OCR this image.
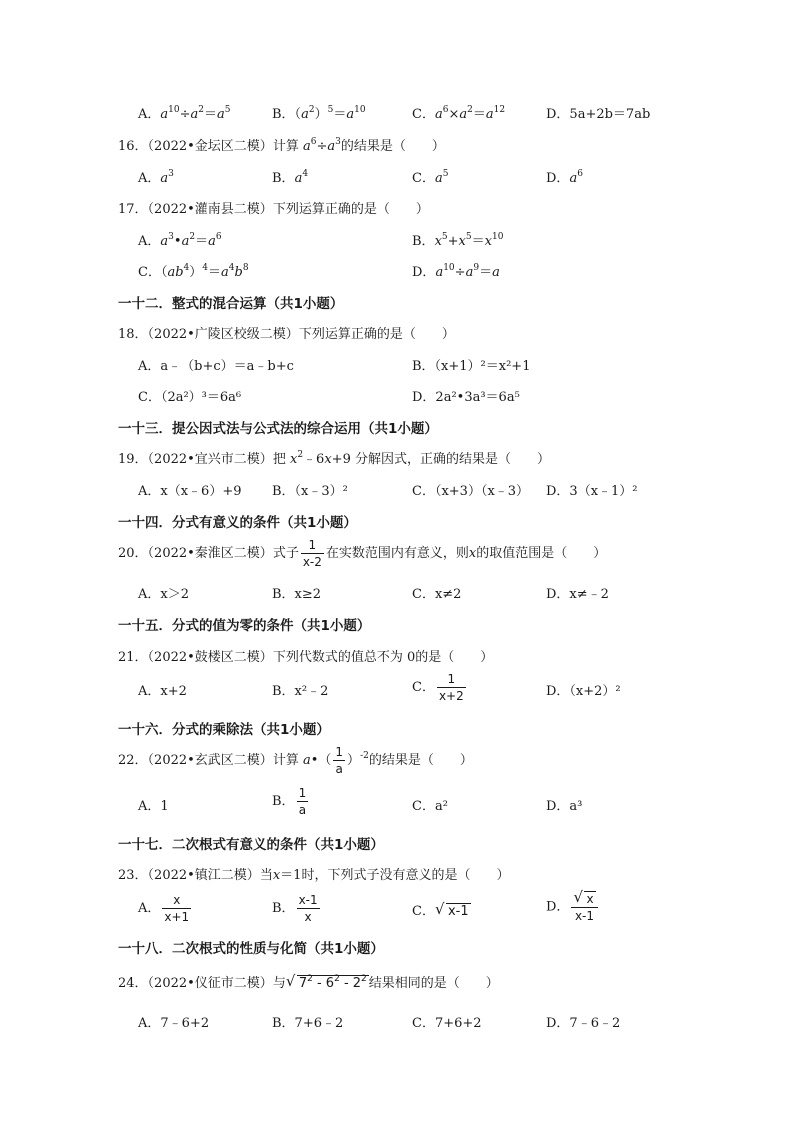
A．$a^{10}\div a^2=a^5$	B．$(a^2)^5=a^{10}$	C．$a^6\times a^2=a^{12}$	D．5a+2b＝7ab
16．（2022•金坛区二模）计算 $a^6\div a^3$的结果是（　　）
A．$a^3$	B．$a^4$	C．$a^5$	D．$a^6$
17．（2022•灌南县二模）下列运算正确的是（　　）
A．$a^3•a^2=a^6$	B．$x^5+x^5=x^{10}$
C．$(ab^4)^4=a^4b^8$	D．$a^{10}\div a^9=a$
一十二．整式的混合运算（共1小题）
18．（2022•广陵区校级二模）下列运算正确的是（　　）
A．a﹣（b+c）＝a﹣b+c	B．（x+1）²＝x²+1
C．（2a²）³＝6a⁶	D．2a²•3a³＝6a⁵
一十三．提公因式法与公式法的综合运用（共1小题）
19．（2022•宜兴市二模）把 $x^2﹣6x+9$ 分解因式，正确的结果是（　　）
A．x（x﹣6）+9 B．（x﹣3）²	C．（x+3）（x﹣3） D．3（x﹣1）²
一十四．分式有意义的条件（共1小题）
20．（2022•秦淮区二模）式子 $\frac{1}{x-2}$ 在实数范围内有意义，则x的取值范围是（　　）
A．x＞2	B．x≥2	C．x≠2	D．x≠﹣2
一十五．分式的值为零的条件（共1小题）
21．（2022•鼓楼区二模）下列代数式的值总不为 0的是（　　）
A．x+2	B．x²﹣2	C． $\frac{1}{x+2}$	D．（x+2）²
一十六．分式的乘除法（共1小题）
22．（2022•玄武区二模）计算 a•（ $\frac{1}{a} )^{-2}$的结果是（　　）
A．1	B． $\frac{1}{a}$	C．a²	D．a³
一十七．二次根式有意义的条件（共1小题）
23．（2022•镇江二模）当x＝1时，下列式子没有意义的是（　　）
A． $\frac{x}{x+1}$	B． $\frac{x-1}{x}$	C． √ x-1	D． $\frac{√ x}{x-1}$
一十八．二次根式的性质与化简（共1小题）
24．（2022•仪征市二模）与 √ $7^2 - 6^2 - 2^2$ 结果相同的是（　　）
A．7﹣6+2	B．7+6﹣2	C．7+6+2	D．7﹣6﹣2
